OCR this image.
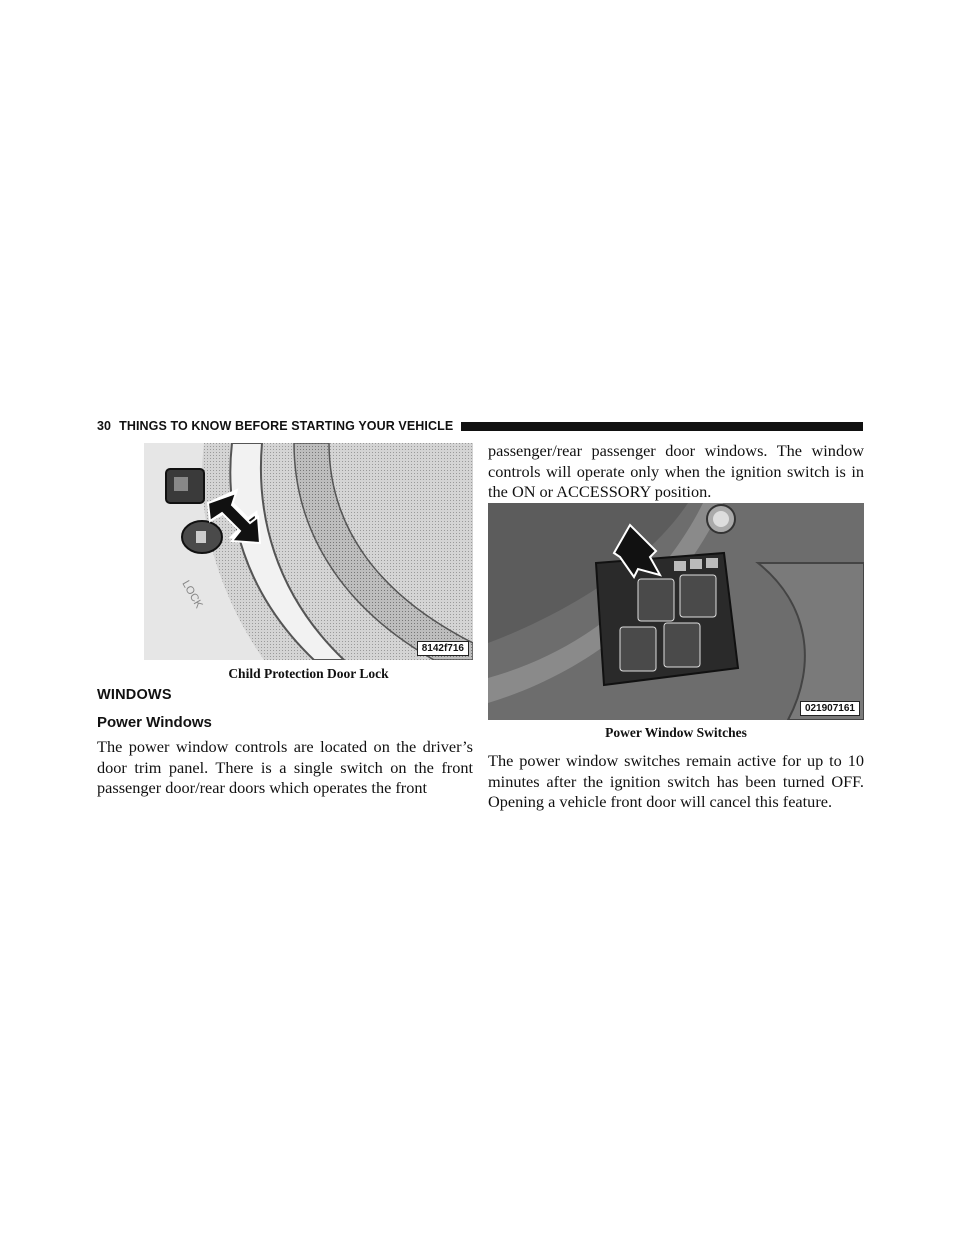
30 THINGS TO KNOW BEFORE STARTING YOUR VEHICLE
LOCK
8142f716
Child Protection Door Lock
WINDOWS
Power Windows
The power window controls are located on the driver’s door trim panel. There is a single switch on the front passenger door/rear doors which operates the front
passenger/rear passenger door windows. The window controls will operate only when the ignition switch is in the ON or ACCESSORY position.
021907161
Power Window Switches
The power window switches remain active for up to 10 minutes after the ignition switch has been turned OFF. Opening a vehicle front door will cancel this feature.
